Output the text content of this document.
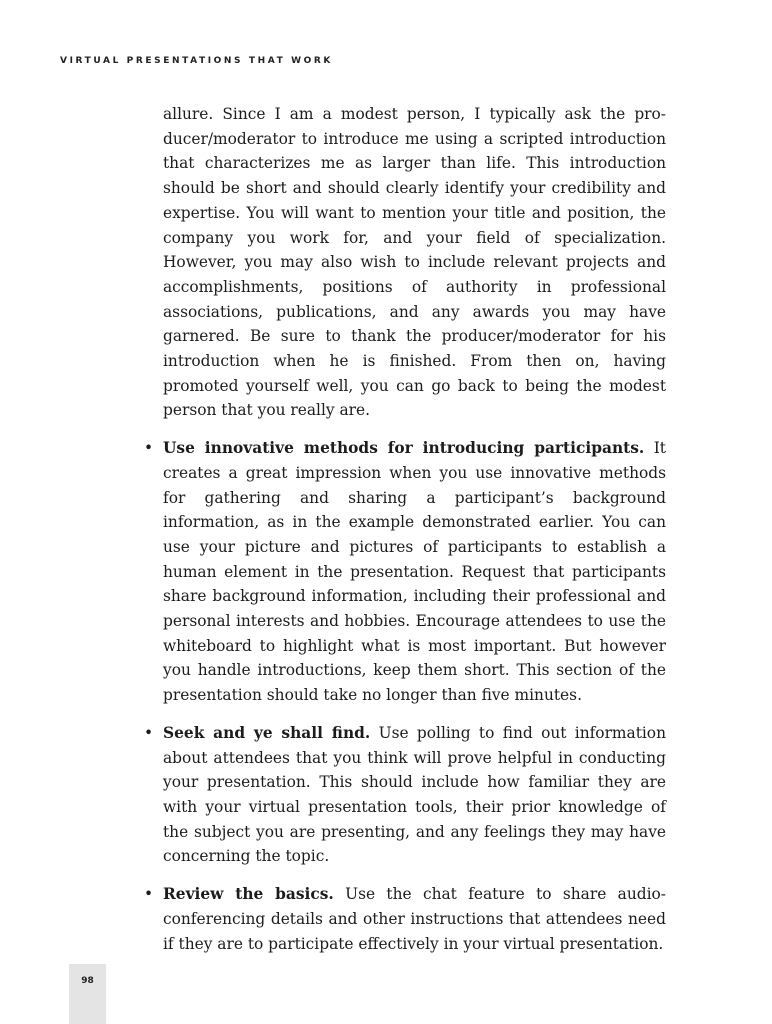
VIRTUAL PRESENTATIONS THAT WORK

allure. Since I am a modest person, I typically ask the producer/moderator to introduce me using a scripted introduction that characterizes me as larger than life. This introduction should be short and should clearly identify your credibility and expertise. You will want to mention your title and position, the company you work for, and your field of specialization. However, you may also wish to include relevant projects and accomplishments, positions of authority in professional associations, publications, and any awards you may have garnered. Be sure to thank the producer/moderator for his introduction when he is finished. From then on, having promoted yourself well, you can go back to being the modest person that you really are.

• Use innovative methods for introducing participants. It creates a great impression when you use innovative methods for gathering and sharing a participant’s background information, as in the example demonstrated earlier. You can use your picture and pictures of participants to establish a human element in the presentation. Request that participants share background information, including their professional and personal interests and hobbies. Encourage attendees to use the whiteboard to highlight what is most important. But however you handle introductions, keep them short. This section of the presentation should take no longer than five minutes.
• Seek and ye shall find. Use polling to find out information about attendees that you think will prove helpful in conducting your presentation. This should include how familiar they are with your virtual presentation tools, their prior knowledge of the subject you are presenting, and any feelings they may have concerning the topic.
• Review the basics. Use the chat feature to share audio-conferencing details and other instructions that attendees need if they are to participate effectively in your virtual presentation.
98
